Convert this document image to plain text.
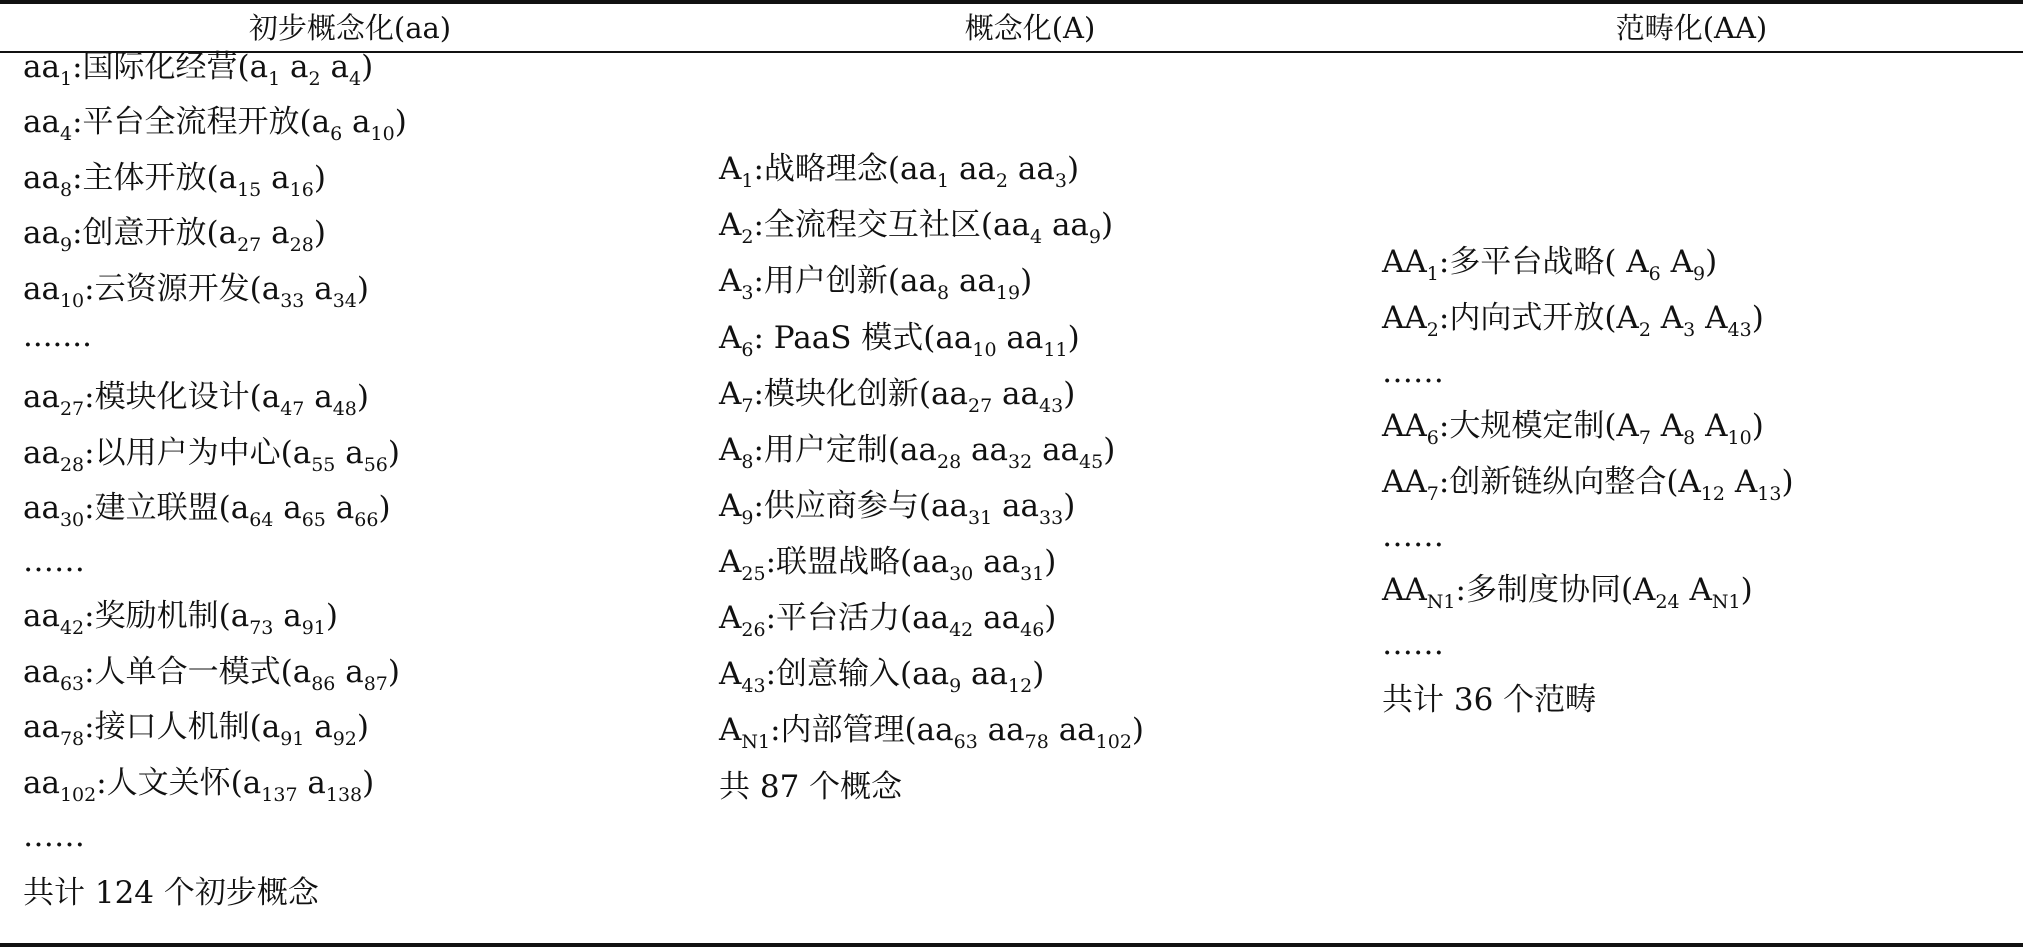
初步概念化(aa)	概念化(A)	范畴化(AA)
$aa_1$:国际化经营($a_1$ $a_2$ $a_4$)
$aa_4$:平台全流程开放($a_6$ $a_{10}$)
$aa_8$:主体开放($a_{15}$ $a_{16}$)
$aa_9$:创意开放($a_{27}$ $a_{28}$)
$aa_{10}$:云资源开发($a_{33}$ $a_{34}$)
·······
$aa_{27}$:模块化设计($a_{47}$ $a_{48}$)
$aa_{28}$:以用户为中心($a_{55}$ $a_{56}$)
$aa_{30}$:建立联盟($a_{64}$ $a_{65}$ $a_{66}$)
……
$aa_{42}$:奖励机制($a_{73}$ $a_{91}$)
$aa_{63}$:人单合一模式($a_{86}$ $a_{87}$)
$aa_{78}$:接口人机制($a_{91}$ $a_{92}$)
$aa_{102}$:人文关怀($a_{137}$ $a_{138}$)
……
共计 124 个初步概念
$A_1$:战略理念($aa_1$ $aa_2$ $aa_3$)
$A_2$:全流程交互社区($aa_4$ $aa_9$)
$A_3$:用户创新($aa_8$ $aa_{19}$)
$A_6$: PaaS 模式($aa_{10}$ $aa_{11}$)
$A_7$:模块化创新($aa_{27}$ $aa_{43}$)
$A_8$:用户定制($aa_{28}$ $aa_{32}$ $aa_{45}$)
$A_9$:供应商参与($aa_{31}$ $aa_{33}$)
$A_{25}$:联盟战略($aa_{30}$ $aa_{31}$)
$A_{26}$:平台活力($aa_{42}$ $aa_{46}$)
$A_{43}$:创意输入($aa_9$ $aa_{12}$)
$A_{N1}$:内部管理($aa_{63}$ $aa_{78}$ $aa_{102}$)
共 87 个概念
$AA_1$:多平台战略( $A_6$ $A_9$)
$AA_2$:内向式开放($A_2$ $A_3$ $A_{43}$)
……
$AA_6$:大规模定制($A_7$ $A_8$ $A_{10}$)
$AA_7$:创新链纵向整合($A_{12}$ $A_{13}$)
……
$AA_{N1}$:多制度协同($A_{24}$ $A_{N1}$)
……
共计 36 个范畴
